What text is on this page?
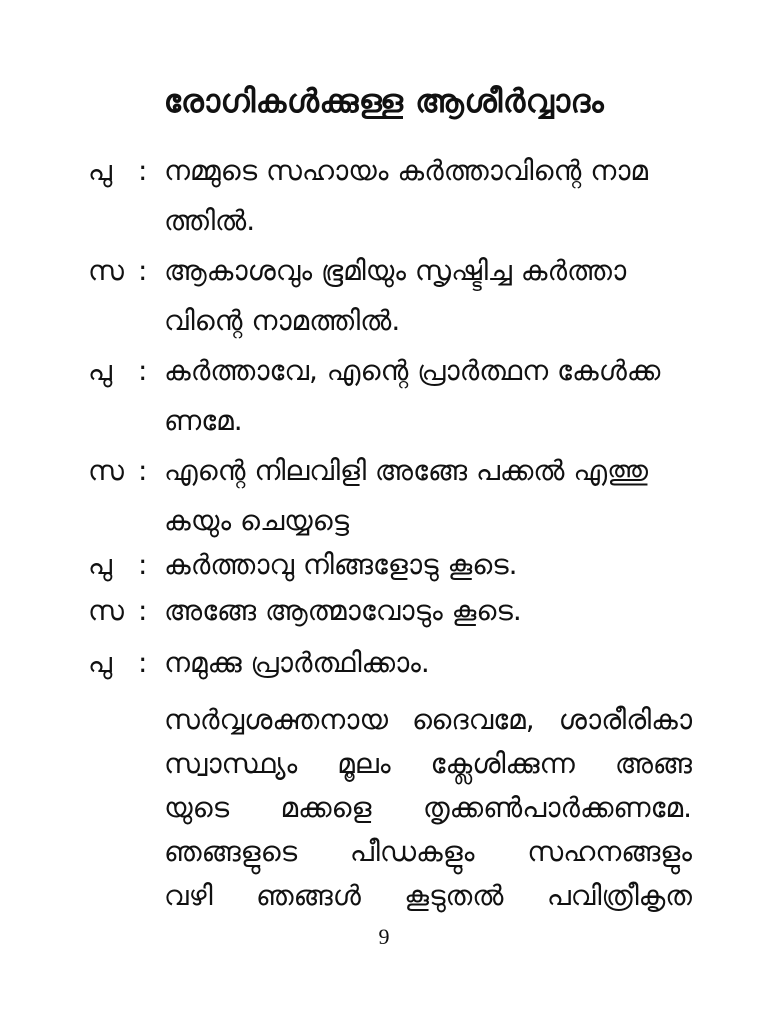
രോഗികൾക്കുള്ള ആശീർവ്വാദം
പു : നമ്മുടെ സഹായം കർത്താവിന്റെ നാമ
ത്തിൽ.
സ : ആകാശവും ഭൂമിയും സൃഷ്ടിച്ച കർത്താ
വിന്റെ നാമത്തിൽ.
പു : കർത്താവേ, എന്റെ പ്രാർത്ഥന കേൾക്ക
ണമേ.
സ : എന്റെ നിലവിളി അങ്ങേ പക്കൽ എത്തു
കയും ചെയ്യട്ടെ
പു : കർത്താവു നിങ്ങളോടു കൂടെ.
സ : അങ്ങേ ആത്മാവോടും കൂടെ.
പു : നമുക്കു പ്രാർത്ഥിക്കാം.
സർവ്വശക്തനായ ദൈവമേ, ശാരീരികാ
സ്വാസ്ഥ്യം മൂലം ക്ലേശിക്കുന്ന അങ്ങ
യുടെ മക്കളെ തൃക്കൺപാർക്കണമേ.
ഞങ്ങളുടെ പീഡകളും സഹനങ്ങളും
വഴി ഞങ്ങൾ കൂടുതൽ പവിത്രീകൃത
9
